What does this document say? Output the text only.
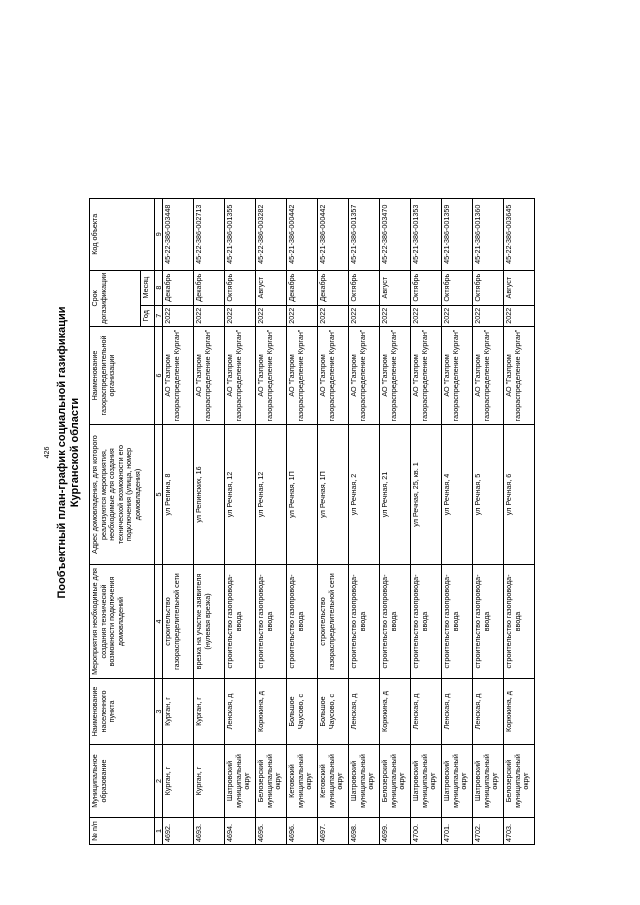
426 Пообъектный план-график социальной газификации Курганской области
№ п/п	Муниципальное образование	Наименование населенного пункта	Мероприятия необходимые для создания технической возможности подключения домовладений	Адрес домовладения, для которого реализуются мероприятия, необходимые для создания технической возможности его подключения (улица, номер домовладения)	Наименование газораспределительной организации	Срок догазификации		Код объекта
						Год	Месяц	
1	2	3	4	5	6	7	8	9
4692.	Курган, г	Курган, г	строительство газораспределительной сети	ул Репина, 8	АО "Газпром газораспределение Курган"	2022	Декабрь	45-22-386-003448
4693.	Курган, г	Курган, г	врезка на участке заявителя (нулевая врезка)	ул Репинских, 16	АО "Газпром газораспределение Курган"	2022	Декабрь	45-22-386-002713
4694.	Шатровский муниципальный округ	Ленская, д	строительство газопровода-ввода	ул Речная, 12	АО "Газпром газораспределение Курган"	2022	Октябрь	45-21-386-001355
4695.	Белозерский муниципальный округ	Корюкина, д	строительство газопровода-ввода	ул Речная, 12	АО "Газпром газораспределение Курган"	2022	Август	45-22-386-003282
4696.	Кетовский муниципальный округ	Большое Чаусово, с	строительство газопровода-ввода	ул Речная, 1П	АО "Газпром газораспределение Курган"	2022	Декабрь	45-21-386-000442
4697.	Кетовский муниципальный округ	Большое Чаусово, с	строительство газораспределительной сети	ул Речная, 1П	АО "Газпром газораспределение Курган"	2022	Декабрь	45-21-386-000442
4698.	Шатровский муниципальный округ	Ленская, д	строительство газопровода-ввода	ул Речная, 2	АО "Газпром газораспределение Курган"	2022	Октябрь	45-21-386-001357
4699.	Белозерский муниципальный округ	Корюкина, д	строительство газопровода-ввода	ул Речная, 21	АО "Газпром газораспределение Курган"	2022	Август	45-22-386-003470
4700.	Шатровский муниципальный округ	Ленская, д	строительство газопровода-ввода	ул Речная, 25, кв. 1	АО "Газпром газораспределение Курган"	2022	Октябрь	45-21-386-001353
4701.	Шатровский муниципальный округ	Ленская, д	строительство газопровода-ввода	ул Речная, 4	АО "Газпром газораспределение Курган"	2022	Октябрь	45-21-386-001359
4702.	Шатровский муниципальный округ	Ленская, д	строительство газопровода-ввода	ул Речная, 5	АО "Газпром газораспределение Курган"	2022	Октябрь	45-21-386-001360
4703.	Белозерский муниципальный округ	Корюкина, д	строительство газопровода-ввода	ул Речная, 6	АО "Газпром газораспределение Курган"	2022	Август	45-22-386-003645
